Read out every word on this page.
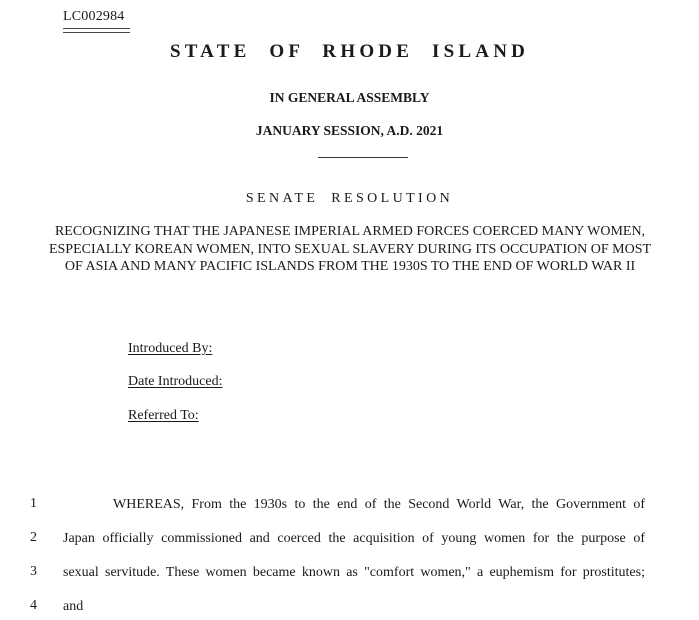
LC002984
STATE OF RHODE ISLAND
IN GENERAL ASSEMBLY
JANUARY SESSION, A.D. 2021
SENATE RESOLUTION
RECOGNIZING THAT THE JAPANESE IMPERIAL ARMED FORCES COERCED MANY WOMEN, ESPECIALLY KOREAN WOMEN, INTO SEXUAL SLAVERY DURING ITS OCCUPATION OF MOST OF ASIA AND MANY PACIFIC ISLANDS FROM THE 1930S TO THE END OF WORLD WAR II
Introduced By:
Date Introduced:
Referred To:
1	WHEREAS, From the 1930s to the end of the Second World War, the Government of
2	Japan officially commissioned and coerced the acquisition of young women for the purpose of
3	sexual servitude. These women became known as "comfort women," a euphemism for prostitutes;
4	and
